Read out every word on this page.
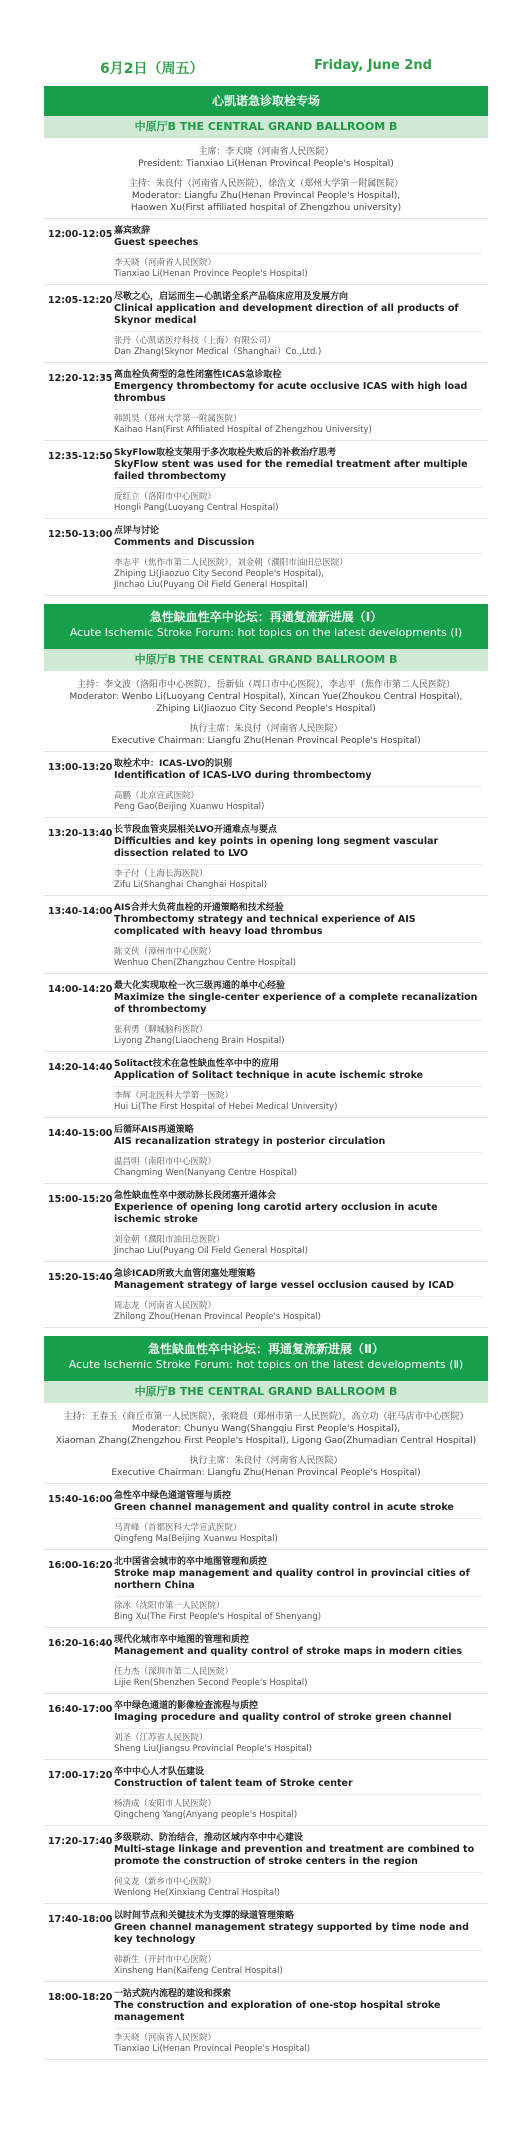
6月2日（周五）	Friday, June 2nd
心凯诺急诊取栓专场
中原厅B THE CENTRAL GRAND BALLROOM B
主席：李天晓（河南省人民医院）
President: Tianxiao Li(Henan Provincal People's Hospital)
主持：朱良付（河南省人民医院），徐浩文（郑州大学第一附属医院）
Moderator: Liangfu Zhu(Henan Provincal People's Hospital),
Haowen Xu(First affiliated hospital of Zhengzhou university)
12:00-12:05 嘉宾致辞
Guest speeches
李天晓（河南省人民医院）
Tianxiao Li(Henan Province People's Hospital)
12:05-12:20 尽敬之心，启运而生—心凯诺全系产品临床应用及发展方向
Clinical application and development direction of all products of Skynor medical
张丹（心凯诺医疗科技（上海）有限公司）
Dan Zhang(Skynor Medical（Shanghai）Co.,Ltd.)
12:20-12:35 高血栓负荷型的急性闭塞性ICAS急诊取栓
Emergency thrombectomy for acute occlusive ICAS with high load thrombus
韩凯昊（郑州大学第一附属医院）
Kaihao Han(First Affiliated Hospital of Zhengzhou University)
12:35-12:50 SkyFlow取栓支架用于多次取栓失败后的补救治疗思考
SkyFlow stent was used for the remedial treatment after multiple failed thrombectomy
庞红立（洛阳市中心医院）
Hongli Pang(Luoyang Central Hospital)
12:50-13:00 点评与讨论
Comments and Discussion
李志平（焦作市第二人民医院），刘金朝（濮阳市油田总医院）
Zhiping Li(Jiaozuo City Second People's Hospital),
Jinchao Liu(Puyang Oil Field General Hospital)
急性缺血性卒中论坛：再通复流新进展（I）
Acute Ischemic Stroke Forum: hot topics on the latest developments (I)
中原厅B THE CENTRAL GRAND BALLROOM B
主持：李文波（洛阳市中心医院），岳新仙（周口市中心医院），李志平（焦作市第二人民医院）
Moderator: Wenbo Li(Luoyang Central Hospital), Xincan Yue(Zhoukou Central Hospital),
Zhiping Li(Jiaozuo City Second People's Hospital)
执行主席：朱良付（河南省人民医院）
Executive Chairman: Liangfu Zhu(Henan Provincal People's Hospital)
13:00-13:20 取栓术中：ICAS-LVO的识别
Identification of ICAS-LVO during thrombectomy
高鹏（北京宣武医院）
Peng Gao(Beijing Xuanwu Hospital)
13:20-13:40 长节段血管夹层相关LVO开通难点与要点
Difficulties and key points in opening long segment vascular dissection related to LVO
李子付（上海长海医院）
Zifu Li(Shanghai Changhai Hospital)
13:40-14:00 AIS合并大负荷血栓的开通策略和技术经验
Thrombectomy strategy and technical experience of AIS complicated with heavy load thrombus
陈文伙（漳州市中心医院）
Wenhuo Chen(Zhangzhou Centre Hospital)
14:00-14:20 最大化实现取栓一次三级再通的单中心经验
Maximize the single-center experience of a complete recanalization of thrombectomy
张利勇（聊城脑科医院）
Liyong Zhang(Liaocheng Brain Hospital)
14:20-14:40 Solitact技术在急性缺血性卒中中的应用
Application of Solitact technique in acute ischemic stroke
李辉（河北医科大学第一医院）
Hui Li(The First Hospital of Hebei Medical University)
14:40-15:00 后循环AIS再通策略
AIS recanalization strategy in posterior circulation
温昌明（南阳市中心医院）
Changming Wen(Nanyang Centre Hospital)
15:00-15:20 急性缺血性卒中颈动脉长段闭塞开通体会
Experience of opening long carotid artery occlusion in acute ischemic stroke
刘金朝（濮阳市油田总医院）
Jinchao Liu(Puyang Oil Field General Hospital)
15:20-15:40 急诊ICAD所致大血管闭塞处理策略
Management strategy of large vessel occlusion caused by ICAD
周志龙（河南省人民医院）
Zhilong Zhou(Henan Provincal People's Hospital)
急性缺血性卒中论坛：再通复流新进展（Ⅱ）
Acute Ischemic Stroke Forum: hot topics on the latest developments (Ⅱ)
中原厅B THE CENTRAL GRAND BALLROOM B
主持：王春玉（商丘市第一人民医院），张晓晨（郑州市第一人民医院），高立功（驻马店市中心医院）
Moderator: Chunyu Wang(Shangqiu First People's Hospital),
Xiaoman Zhang(Zhengzhou First People's Hospital), Ligong Gao(Zhumadian Central Hospital)
执行主席：朱良付（河南省人民医院）
Executive Chairman: Liangfu Zhu(Henan Provincal People's Hospital)
15:40-16:00 急性卒中绿色通道管理与质控
Green channel management and quality control in acute stroke
马青峰（首都医科大学宣武医院）
Qingfeng Ma(Beijing Xuanwu Hospital)
16:00-16:20 北中国省会城市的卒中地图管理和质控
Stroke map management and quality control in provincial cities of northern China
徐冰（沈阳市第一人民医院）
Bing Xu(The First People's Hospital of Shenyang)
16:20-16:40 现代化城市卒中地图的管理和质控
Management and quality control of stroke maps in modern cities
任力杰（深圳市第二人民医院）
Lijie Ren(Shenzhen Second People's Hospital)
16:40-17:00 卒中绿色通道的影像检查流程与质控
Imaging procedure and quality control of stroke green channel
刘圣（江苏省人民医院）
Sheng Liu(Jiangsu Provincial People's Hospital)
17:00-17:20 卒中中心人才队伍建设
Construction of talent team of Stroke center
杨清成（安阳市人民医院）
Qingcheng Yang(Anyang people's Hospital)
17:20-17:40 多级联动、防治结合，推动区域内卒中中心建设
Multi-stage linkage and prevention and treatment are combined to promote the construction of stroke centers in the region
何文龙（新乡市中心医院）
Wenlong He(Xinxiang Central Hospital)
17:40-18:00 以时间节点和关键技术为支撑的绿道管理策略
Green channel management strategy supported by time node and key technology
韩新生（开封市中心医院）
Xinsheng Han(Kaifeng Central Hospital)
18:00-18:20 一站式院内流程的建设和探索
The construction and exploration of one-stop hospital stroke management
李天晓（河南省人民医院）
Tianxiao Li(Henan Provincal People's Hospital)
